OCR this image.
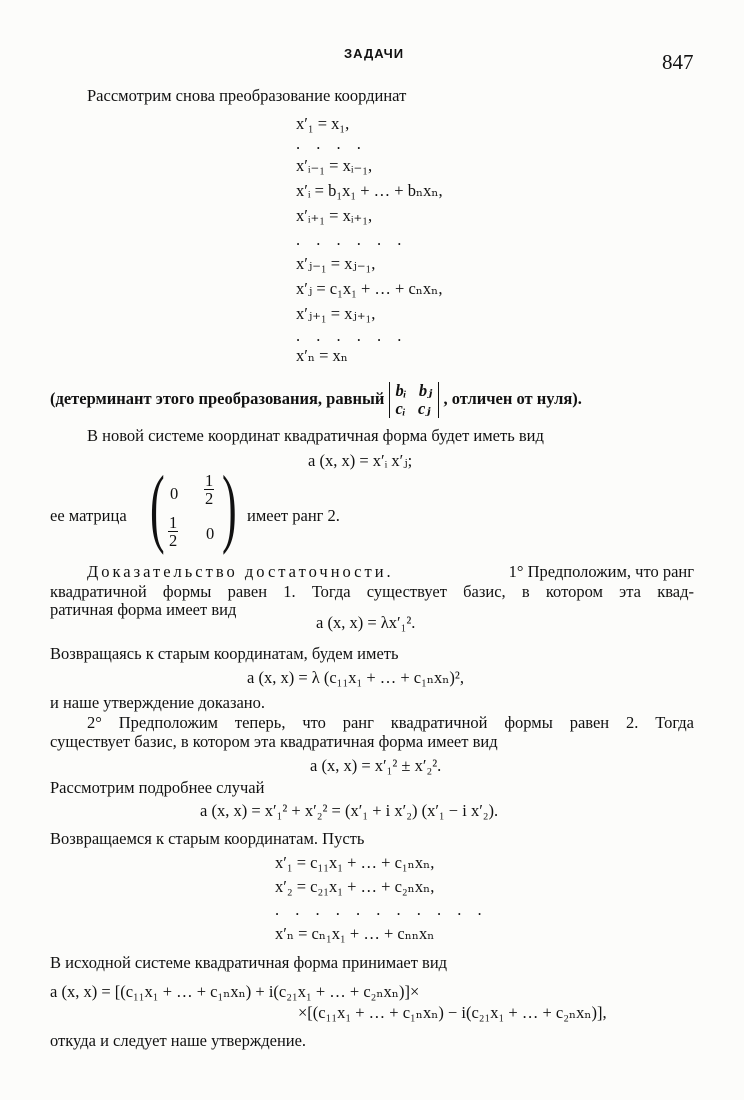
ЗАДАЧИ	847
Рассмотрим снова преобразование координат
x′₁ = x₁,
. . . .
x′ᵢ₋₁ = xᵢ₋₁,
x′ᵢ = b₁x₁ + … + bₙxₙ,
x′ᵢ₊₁ = xᵢ₊₁,
. . . . . .
x′ⱼ₋₁ = xⱼ₋₁,
x′ⱼ = c₁x₁ + … + cₙxₙ,
x′ⱼ₊₁ = xⱼ₊₁,
. . . . . .
x′ₙ = xₙ
(детерминант этого преобразования, равный bᵢ bⱼ
cᵢ cⱼ , отличен от нуля).
В новой системе координат квадратичная форма будет иметь вид
a (x, x) = x′ᵢ x′ⱼ;
ее матрица ( )
$0 \frac{1}{2}$
$\frac{1}{2} 0$
имеет ранг 2.
Доказательство достаточности.	1° Предположим, что ранг
квадратичной формы равен 1. Тогда существует базис, в котором эта квад-
ратичная форма имеет вид
a (x, x) = λx′₁².
Возвращаясь к старым координатам, будем иметь
a (x, x) = λ (c₁₁x₁ + … + c₁ₙxₙ)²,
и наше утверждение доказано.
2° Предположим теперь, что ранг квадратичной формы равен 2. Тогда
существует базис, в котором эта квадратичная форма имеет вид
a (x, x) = x′₁² ± x′₂².
Рассмотрим подробнее случай
a (x, x) = x′₁² + x′₂² = (x′₁ + i x′₂) (x′₁ − i x′₂).
Возвращаемся к старым координатам. Пусть
x′₁ = c₁₁x₁ + … + c₁ₙxₙ,
x′₂ = c₂₁x₁ + … + c₂ₙxₙ,
. . . . . . . . . . .
x′ₙ = cₙ₁x₁ + … + cₙₙxₙ
В исходной системе квадратичная форма принимает вид
a (x, x) = [(c₁₁x₁ + … + c₁ₙxₙ) + i(c₂₁x₁ + … + c₂ₙxₙ)]×
×[(c₁₁x₁ + … + c₁ₙxₙ) − i(c₂₁x₁ + … + c₂ₙxₙ)],
откуда и следует наше утверждение.
